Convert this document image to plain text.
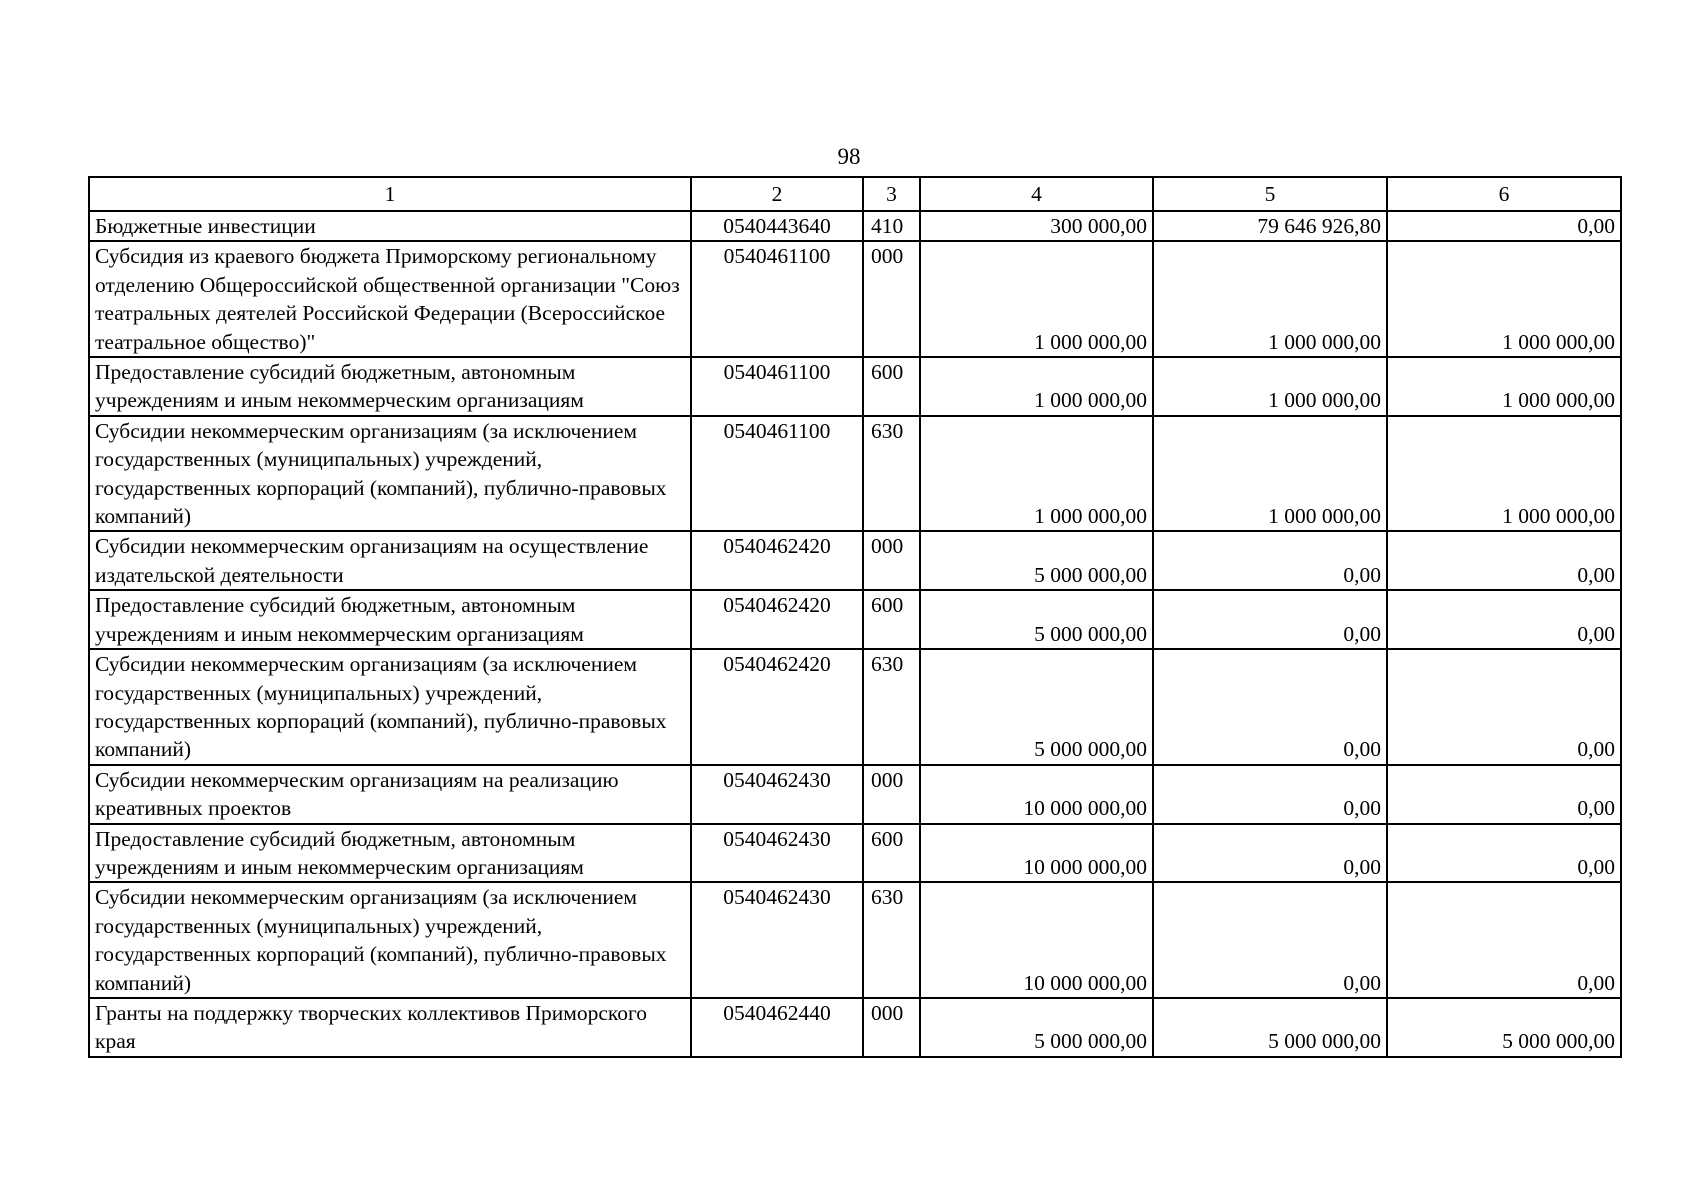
98
1	2	3	4	5	6
Бюджетные инвестиции	0540443640	410	300 000,00	79 646 926,80	0,00
Субсидия из краевого бюджета Приморскому региональному отделению Общероссийской общественной организации "Союз театральных деятелей Российской Федерации (Всероссийское театральное общество)"	0540461100	000	1 000 000,00	1 000 000,00	1 000 000,00
Предоставление субсидий бюджетным, автономным учреждениям и иным некоммерческим организациям	0540461100	600	1 000 000,00	1 000 000,00	1 000 000,00
Субсидии некоммерческим организациям (за исключением государственных (муниципальных) учреждений, государственных корпораций (компаний), публично-правовых компаний)	0540461100	630	1 000 000,00	1 000 000,00	1 000 000,00
Субсидии некоммерческим организациям на осуществление издательской деятельности	0540462420	000	5 000 000,00	0,00	0,00
Предоставление субсидий бюджетным, автономным учреждениям и иным некоммерческим организациям	0540462420	600	5 000 000,00	0,00	0,00
Субсидии некоммерческим организациям (за исключением государственных (муниципальных) учреждений, государственных корпораций (компаний), публично-правовых компаний)	0540462420	630	5 000 000,00	0,00	0,00
Субсидии некоммерческим организациям на реализацию креативных проектов	0540462430	000	10 000 000,00	0,00	0,00
Предоставление субсидий бюджетным, автономным учреждениям и иным некоммерческим организациям	0540462430	600	10 000 000,00	0,00	0,00
Субсидии некоммерческим организациям (за исключением государственных (муниципальных) учреждений, государственных корпораций (компаний), публично-правовых компаний)	0540462430	630	10 000 000,00	0,00	0,00
Гранты на поддержку творческих коллективов Приморского края	0540462440	000	5 000 000,00	5 000 000,00	5 000 000,00
